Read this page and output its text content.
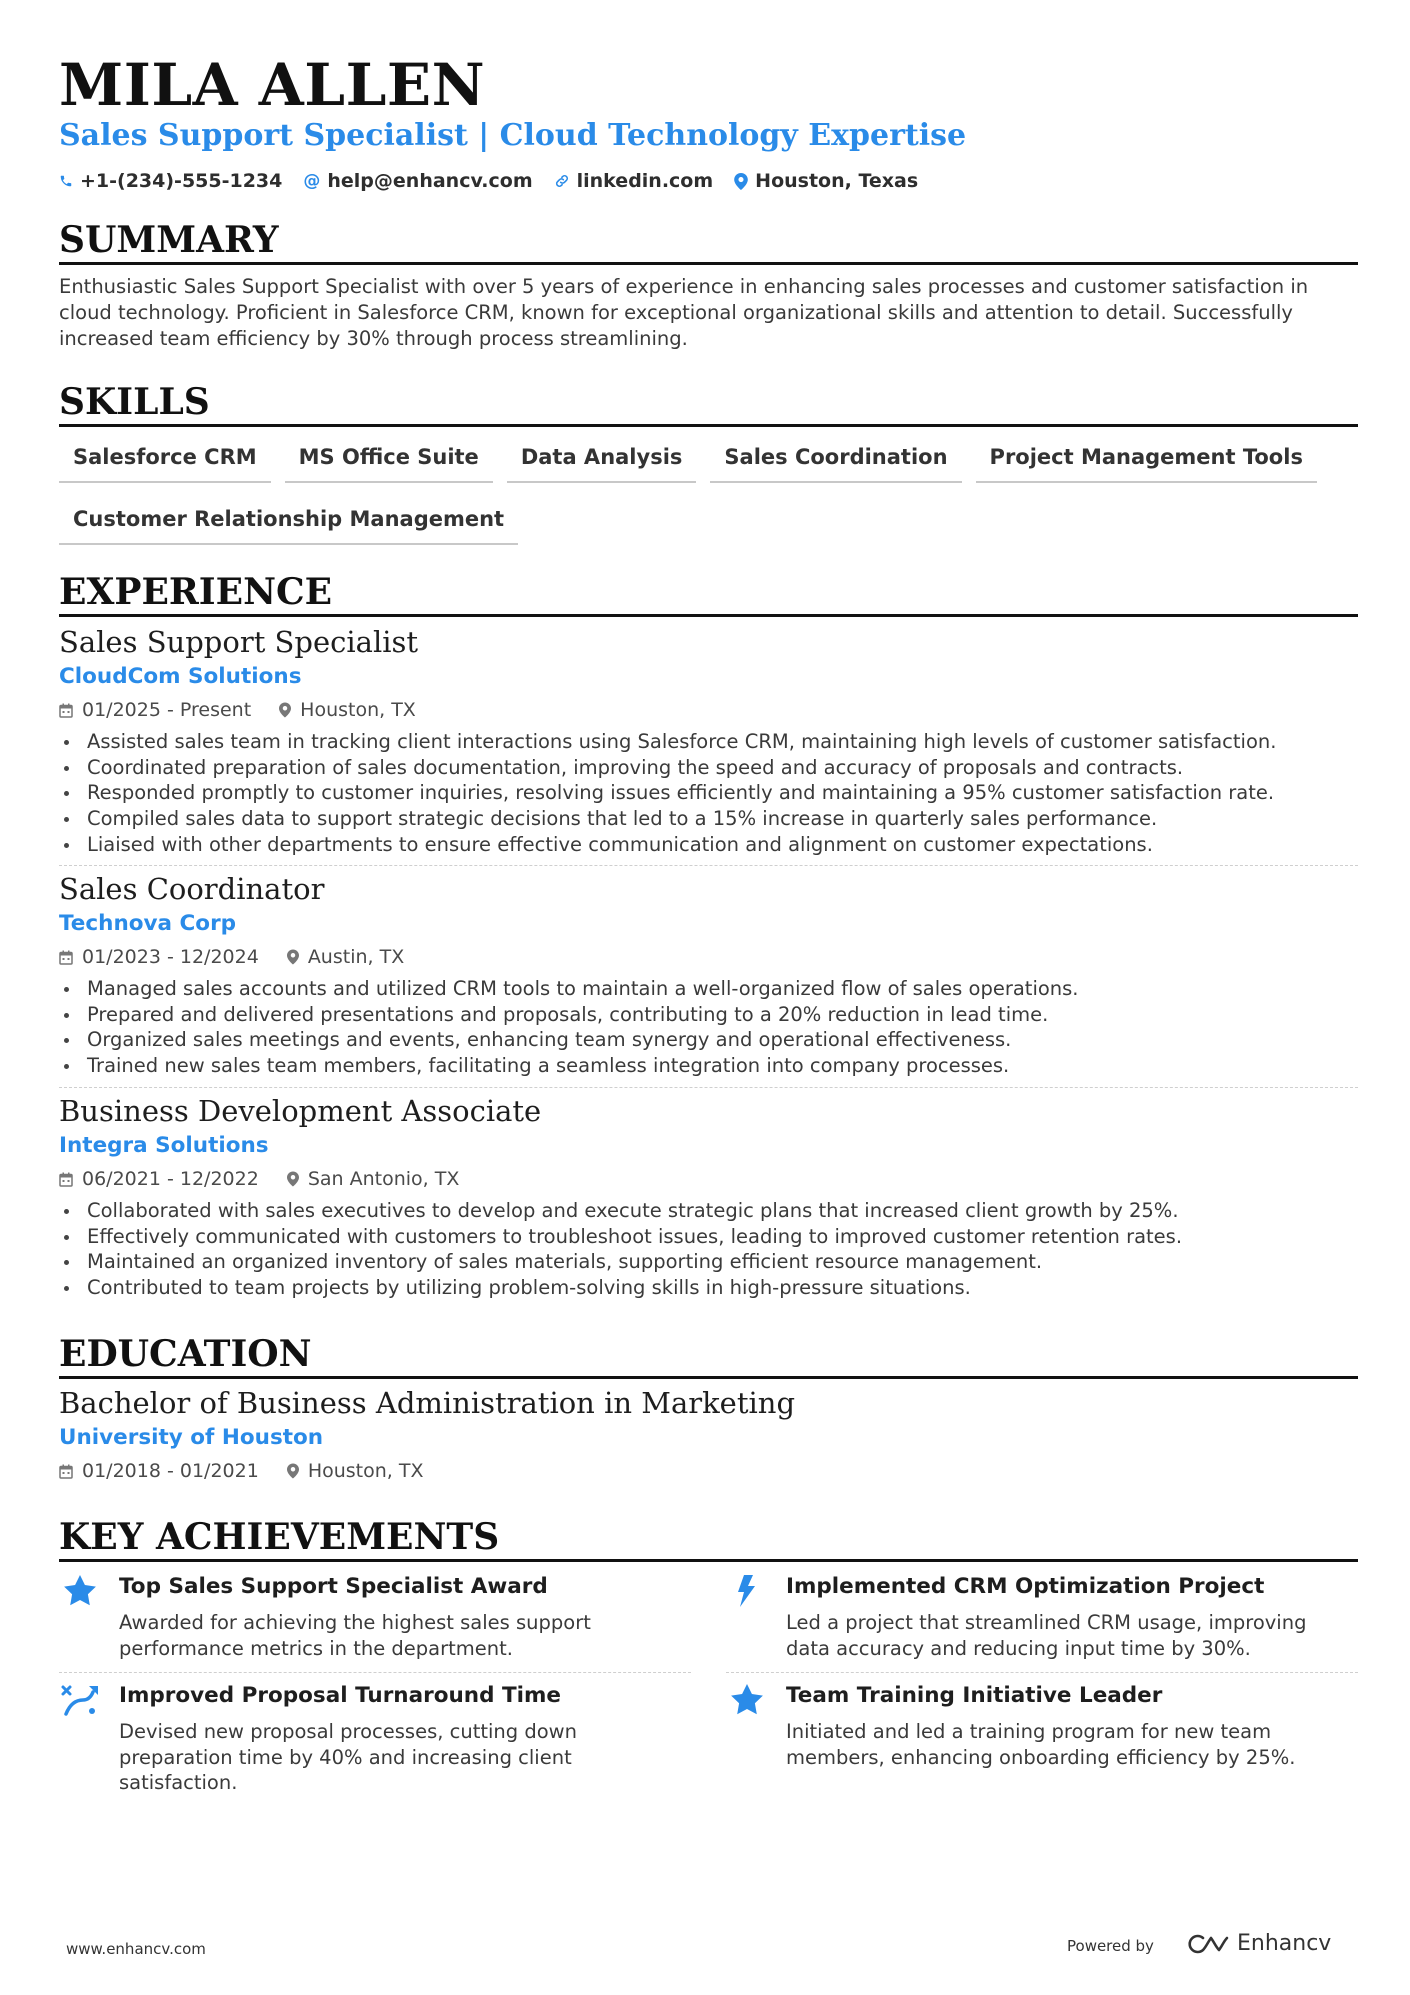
MILA ALLEN
Sales Support Specialist | Cloud Technology Expertise
+1-(234)-555-1234 @ help@enhancv.com linkedin.com Houston, Texas
SUMMARY

Enthusiastic Sales Support Specialist with over 5 years of experience in enhancing sales processes and customer satisfaction in cloud technology. Proficient in Salesforce CRM, known for exceptional organizational skills and attention to detail. Successfully increased team efficiency by 30% through process streamlining.

SKILLS
Salesforce CRM	MS Office Suite	Data Analysis	Sales Coordination	Project Management Tools
Customer Relationship Management
EXPERIENCE
Sales Support Specialist
CloudCom Solutions
01/2025 - Present	Houston, TX
Assisted sales team in tracking client interactions using Salesforce CRM, maintaining high levels of customer satisfaction.
Coordinated preparation of sales documentation, improving the speed and accuracy of proposals and contracts.
Responded promptly to customer inquiries, resolving issues efficiently and maintaining a 95% customer satisfaction rate.
Compiled sales data to support strategic decisions that led to a 15% increase in quarterly sales performance.
Liaised with other departments to ensure effective communication and alignment on customer expectations.
Sales Coordinator
Technova Corp
01/2023 - 12/2024	Austin, TX
Managed sales accounts and utilized CRM tools to maintain a well-organized flow of sales operations.
Prepared and delivered presentations and proposals, contributing to a 20% reduction in lead time.
Organized sales meetings and events, enhancing team synergy and operational effectiveness.
Trained new sales team members, facilitating a seamless integration into company processes.
Business Development Associate
Integra Solutions
06/2021 - 12/2022	San Antonio, TX
Collaborated with sales executives to develop and execute strategic plans that increased client growth by 25%.
Effectively communicated with customers to troubleshoot issues, leading to improved customer retention rates.
Maintained an organized inventory of sales materials, supporting efficient resource management.
Contributed to team projects by utilizing problem-solving skills in high-pressure situations.
EDUCATION
Bachelor of Business Administration in Marketing
University of Houston
01/2018 - 01/2021	Houston, TX
KEY ACHIEVEMENTS
Top Sales Support Specialist Award
Awarded for achieving the highest sales support performance metrics in the department.
Implemented CRM Optimization Project
Led a project that streamlined CRM usage, improving data accuracy and reducing input time by 30%.
Improved Proposal Turnaround Time
Devised new proposal processes, cutting down preparation time by 40% and increasing client satisfaction.
Team Training Initiative Leader
Initiated and led a training program for new team members, enhancing onboarding efficiency by 25%.
www.enhancv.com	Powered by	Enhancv
